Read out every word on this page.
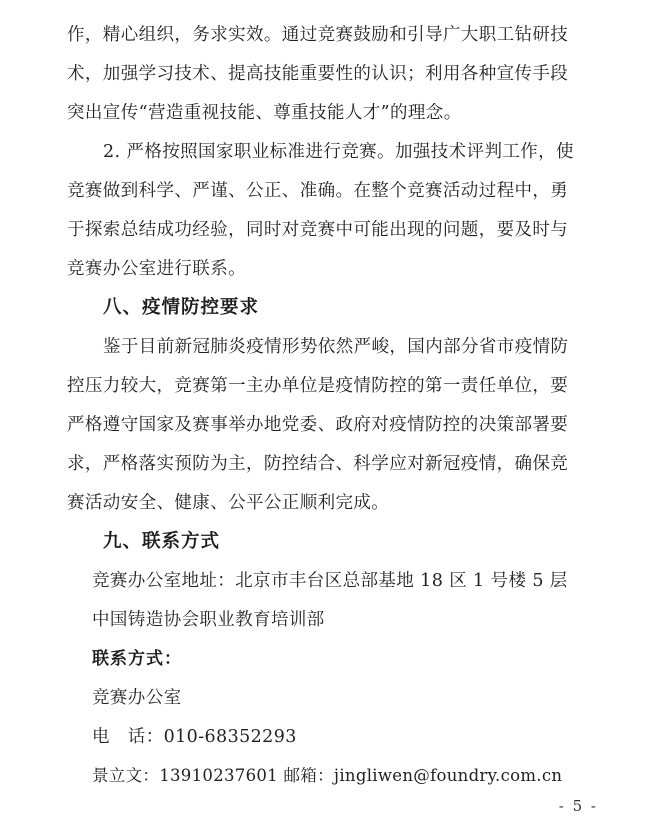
作，精心组织，务求实效。通过竞赛鼓励和引导广大职工钻研技
术，加强学习技术、提高技能重要性的认识；利用各种宣传手段
突出宣传“营造重视技能、尊重技能人才”的理念。
2. 严格按照国家职业标准进行竞赛。加强技术评判工作，使
竞赛做到科学、严谨、公正、准确。在整个竞赛活动过程中，勇
于探索总结成功经验，同时对竞赛中可能出现的问题，要及时与
竞赛办公室进行联系。
八、疫情防控要求
鉴于目前新冠肺炎疫情形势依然严峻，国内部分省市疫情防
控压力较大，竞赛第一主办单位是疫情防控的第一责任单位，要
严格遵守国家及赛事举办地党委、政府对疫情防控的决策部署要
求，严格落实预防为主，防控结合、科学应对新冠疫情，确保竞
赛活动安全、健康、公平公正顺利完成。
九、联系方式
竞赛办公室地址：北京市丰台区总部基地 18 区 1 号楼 5 层
中国铸造协会职业教育培训部
联系方式：
竞赛办公室
电　话：010-68352293
景立文：13910237601 邮箱：jingliwen@foundry.com.cn
- 5 -
